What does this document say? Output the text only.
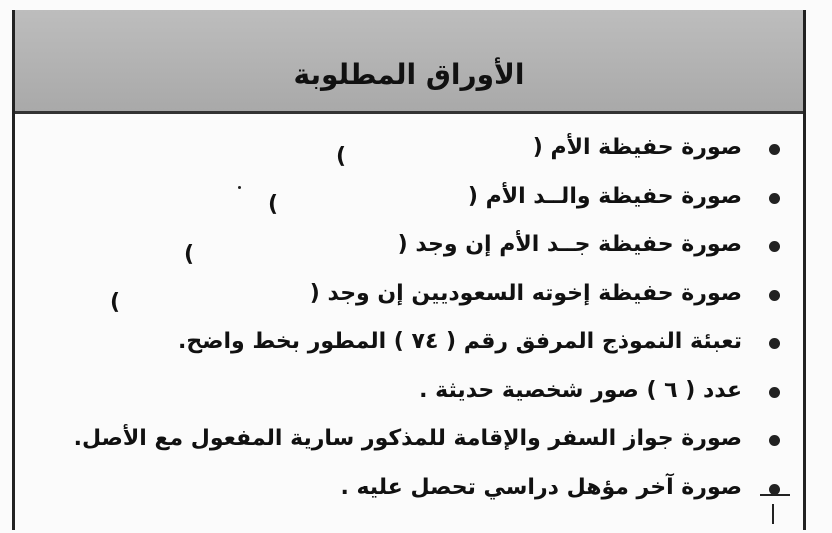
الأوراق المطلوبة
صورة حفيظة الأم (
صورة حفيظة والــد الأم (
صورة حفيظة جــد الأم إن وجد (
صورة حفيظة إخوته السعوديين إن وجد (
تعبئة النموذج المرفق رقم ( ٧٤ ) المطور بخط واضح.
عدد ( ٦ ) صور شخصية حديثة .
صورة جواز السفر والإقامة للمذكور سارية المفعول مع الأصل.
صورة آخر مؤهل دراسي تحصل عليه .
)
)
)
)
